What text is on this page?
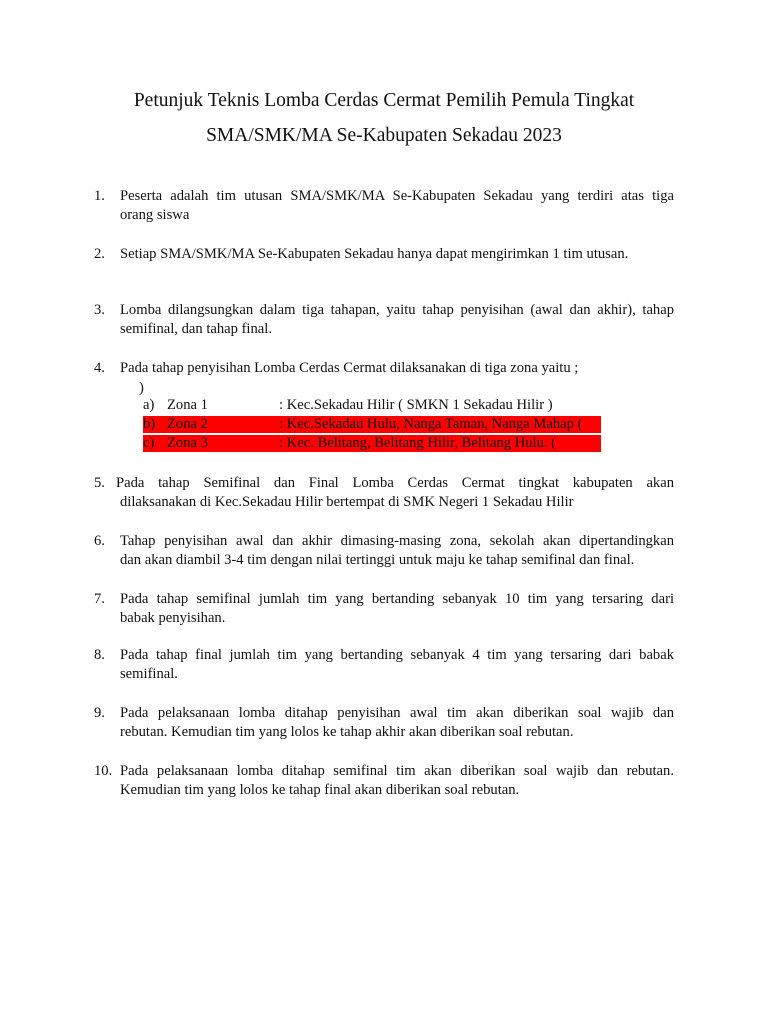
Petunjuk Teknis Lomba Cerdas Cermat Pemilih Pemula Tingkat
SMA/SMK/MA Se-Kabupaten Sekadau 2023
1. Peserta adalah tim utusan SMA/SMK/MA Se-Kabupaten Sekadau yang terdiri atas tiga
orang siswa
2. Setiap SMA/SMK/MA Se-Kabupaten Sekadau hanya dapat mengirimkan 1 tim utusan.
3. Lomba dilangsungkan dalam tiga tahapan, yaitu tahap penyisihan (awal dan akhir), tahap
semifinal, dan tahap final.
4. Pada tahap penyisihan Lomba Cerdas Cermat dilaksanakan di tiga zona yaitu ;
)
a) Zona 1	: Kec.Sekadau Hilir ( SMKN 1 Sekadau Hilir )
b) Zona 2	: Kec.Sekadau Hulu, Nanga Taman, Nanga Mahap (
c) Zona 3	: Kec. Belitang, Belitang Hilir, Belitang Hulu. (
5. Pada tahap Semifinal dan Final Lomba Cerdas Cermat tingkat kabupaten akan
dilaksanakan di Kec.Sekadau Hilir bertempat di SMK Negeri 1 Sekadau Hilir
6. Tahap penyisihan awal dan akhir dimasing-masing zona, sekolah akan dipertandingkan
dan akan diambil 3-4 tim dengan nilai tertinggi untuk maju ke tahap semifinal dan final.
7. Pada tahap semifinal jumlah tim yang bertanding sebanyak 10 tim yang tersaring dari
babak penyisihan.
8. Pada tahap final jumlah tim yang bertanding sebanyak 4 tim yang tersaring dari babak
semifinal.
9. Pada pelaksanaan lomba ditahap penyisihan awal tim akan diberikan soal wajib dan
rebutan. Kemudian tim yang lolos ke tahap akhir akan diberikan soal rebutan.
10. Pada pelaksanaan lomba ditahap semifinal tim akan diberikan soal wajib dan rebutan.
Kemudian tim yang lolos ke tahap final akan diberikan soal rebutan.
